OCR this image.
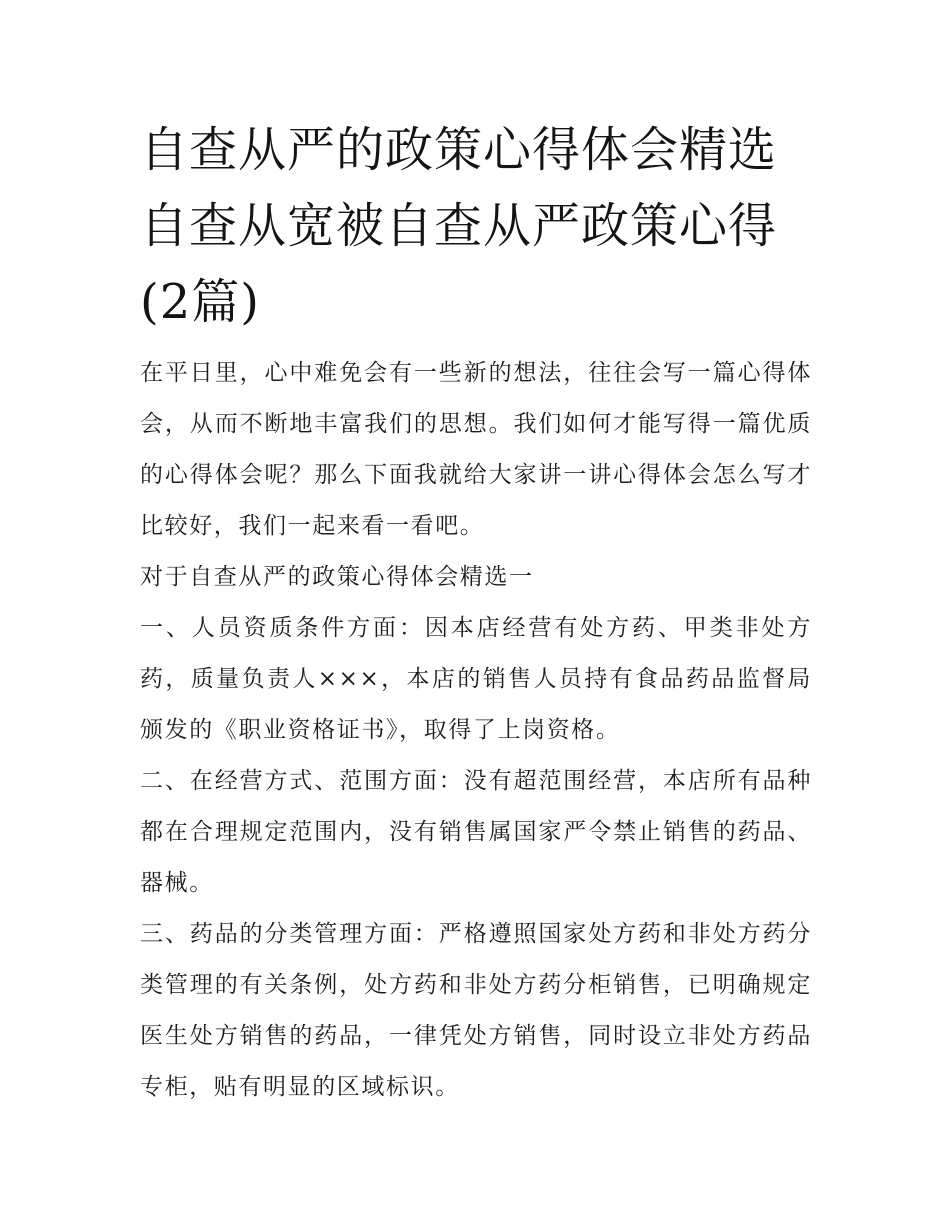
自查从严的政策心得体会精选自查从宽被自查从严政策心得(2篇)

在平日里，心中难免会有一些新的想法，往往会写一篇心得体会，从而不断地丰富我们的思想。我们如何才能写得一篇优质的心得体会呢？那么下面我就给大家讲一讲心得体会怎么写才比较好，我们一起来看一看吧。

对于自查从严的政策心得体会精选一

一、人员资质条件方面：因本店经营有处方药、甲类非处方药，质量负责人×××，本店的销售人员持有食品药品监督局颁发的《职业资格证书》，取得了上岗资格。

二、在经营方式、范围方面：没有超范围经营，本店所有品种都在合理规定范围内，没有销售属国家严令禁止销售的药品、器械。

三、药品的分类管理方面：严格遵照国家处方药和非处方药分类管理的有关条例，处方药和非处方药分柜销售，已明确规定医生处方销售的药品，一律凭处方销售，同时设立非处方药品专柜，贴有明显的区域标识。
